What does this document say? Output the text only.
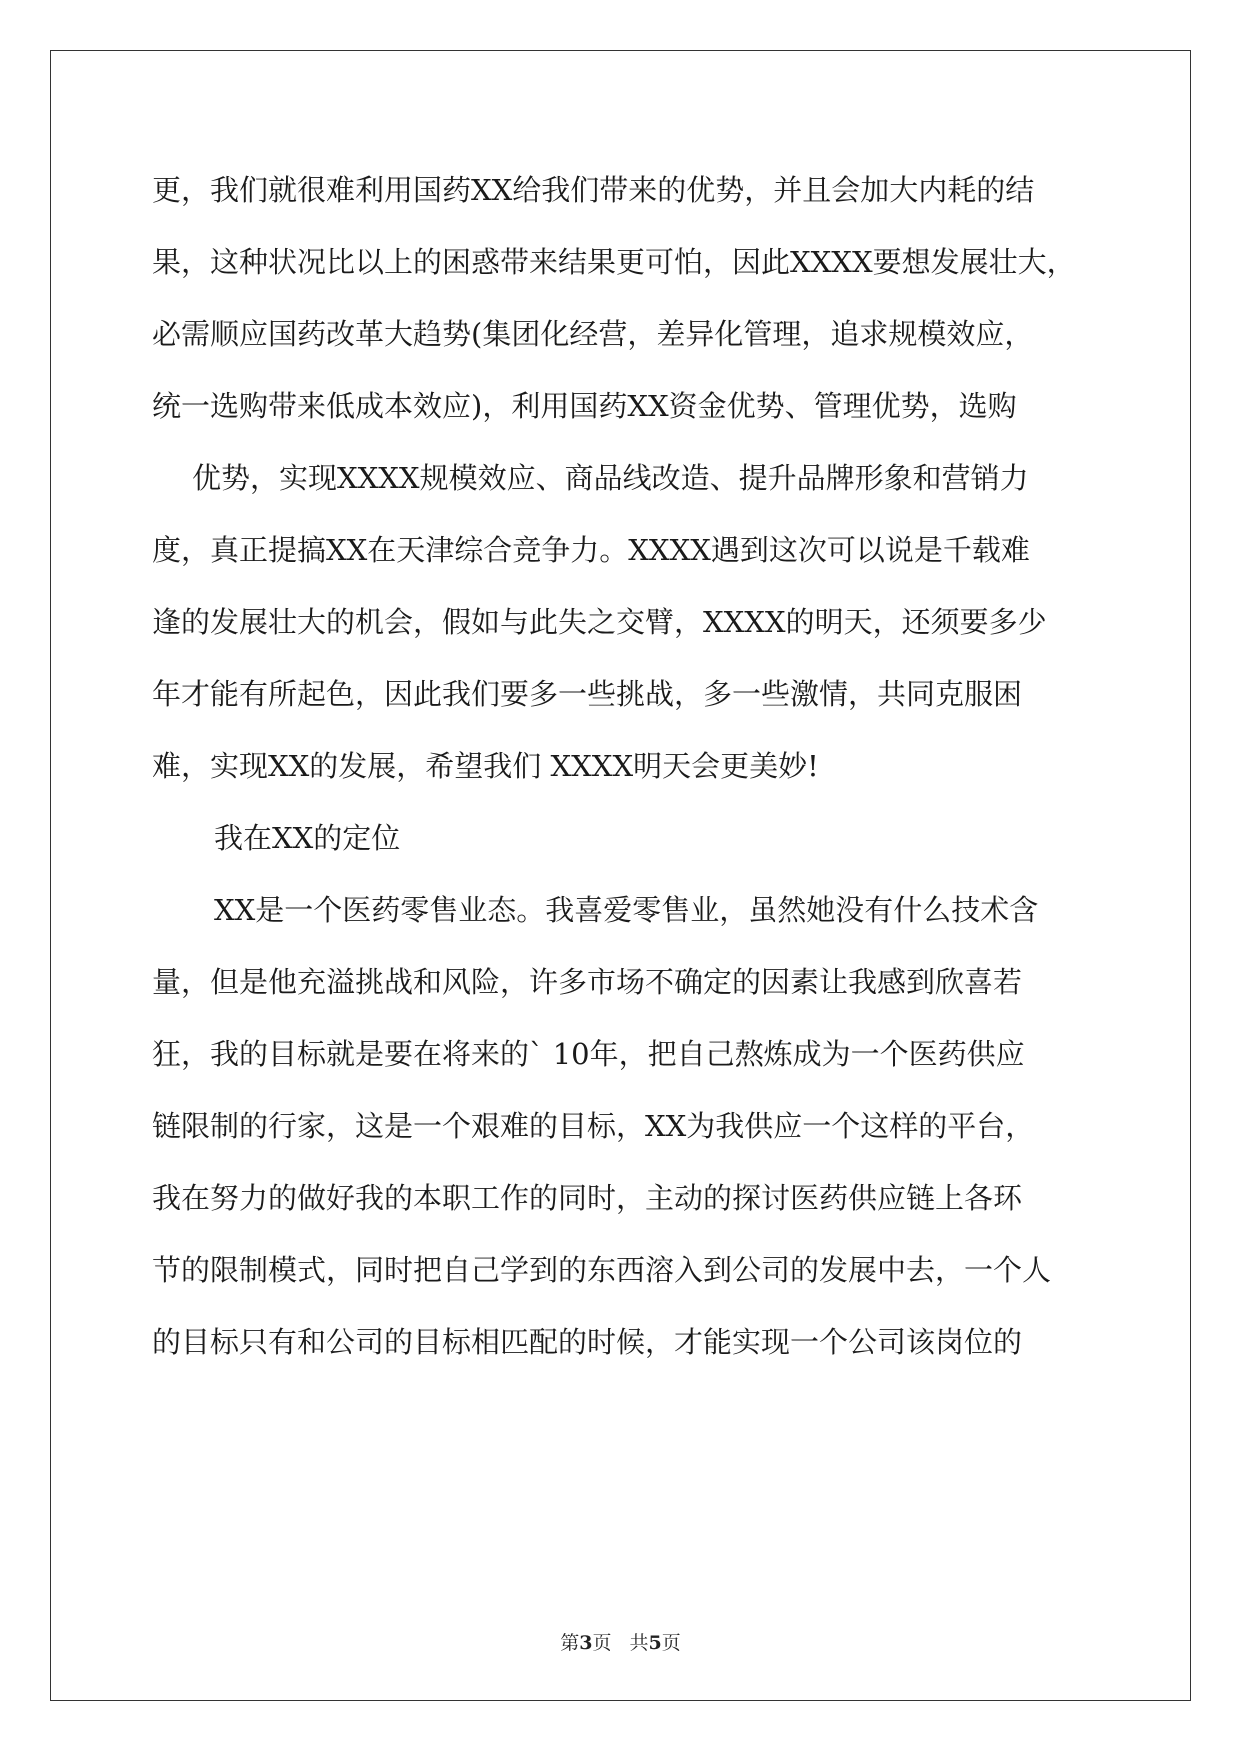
更，我们就很难利用国药XX给我们带来的优势，并且会加大内耗的结
果，这种状况比以上的困惑带来结果更可怕，因此XXXX要想发展壮大，
必需顺应国药改革大趋势(集团化经营，差异化管理，追求规模效应，
统一选购带来低成本效应)，利用国药XX资金优势、管理优势，选购
优势，实现XXXX规模效应、商品线改造、提升品牌形象和营销力
度，真正提搞XX在天津综合竞争力。XXXX遇到这次可以说是千载难
逢的发展壮大的机会，假如与此失之交臂，XXXX的明天，还须要多少
年才能有所起色，因此我们要多一些挑战，多一些激情，共同克服困
难，实现XX的发展，希望我们 XXXX明天会更美妙!
我在XX的定位
XX是一个医药零售业态。我喜爱零售业，虽然她没有什么技术含
量，但是他充溢挑战和风险，许多市场不确定的因素让我感到欣喜若
狂，我的目标就是要在将来的` 10年，把自己熬炼成为一个医药供应
链限制的行家，这是一个艰难的目标，XX为我供应一个这样的平台，
我在努力的做好我的本职工作的同时，主动的探讨医药供应链上各环
节的限制模式，同时把自己学到的东西溶入到公司的发展中去，一个人
的目标只有和公司的目标相匹配的时候，才能实现一个公司该岗位的
第3页 共5页
